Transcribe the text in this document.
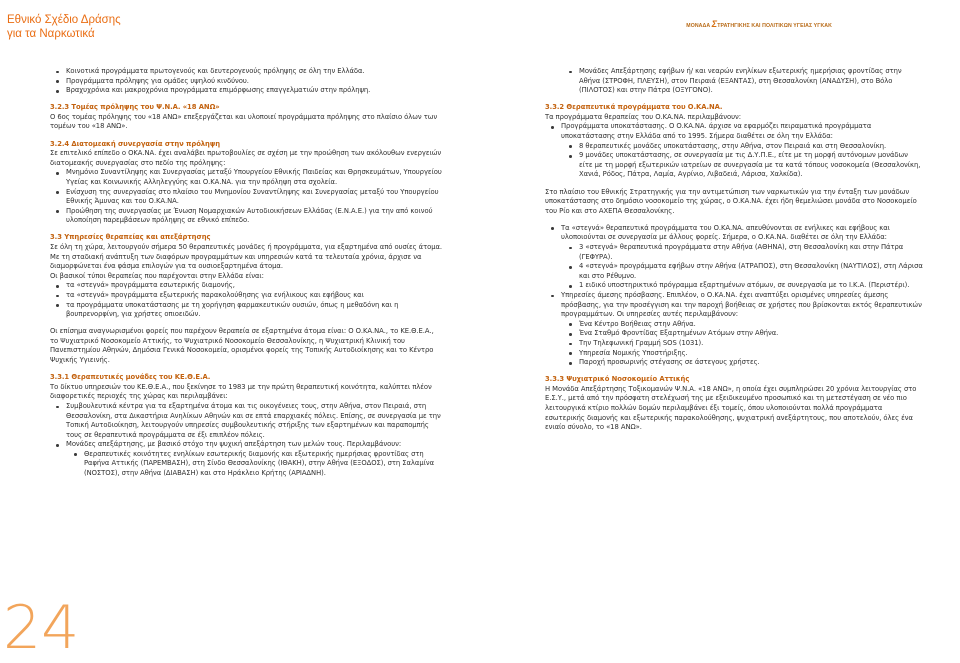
Εθνικό Σχέδιο Δράσης
για τα Ναρκωτικά
ΜΟΝΑΔΑ ΣΤΡΑΤΗΓΙΚΗΣ ΚΑΙ ΠΟΛΙΤΙΚΩΝ ΥΓΕΙΑΣ ΥΓΚΑΚ
Κοινοτικά προγράμματα πρωτογενούς και δευτερογενούς πρόληψης σε όλη την Ελλάδα.
Προγράμματα πρόληψης για ομάδες υψηλού κινδύνου.
Βραχυχρόνια και μακροχρόνια προγράμματα επιμόρφωσης επαγγελματιών στην πρόληψη.

3.2.3 Τομέας πρόληψης του Ψ.Ν.Α. «18 ΑΝΩ»

Ο 6ος τομέας πρόληψης του «18 ΑΝΩ» επεξεργάζεται και υλοποιεί προγράμματα πρόληψης στο πλαίσιο όλων των τομέων του «18 ΑΝΩ».

3.2.4 Διατομεακή συνεργασία στην πρόληψη

Σε επιτελικό επίπεδο ο ΟΚΑ.ΝΑ. έχει αναλάβει πρωτοβουλίες σε σχέση με την προώθηση των ακόλουθων ενεργειών διατομεακής συνεργασίας στο πεδίο της πρόληψης:

Μνημόνιο Συναντίληψης και Συνεργασίας μεταξύ Υπουργείου Εθνικής Παιδείας και Θρησκευμάτων, Υπουργείου Υγείας και Κοινωνικής Αλληλεγγύης και Ο.ΚΑ.ΝΑ. για την πρόληψη στα σχολεία.
Ενίσχυση της συνεργασίας στο πλαίσιο του Μνημονίου Συναντίληψης και Συνεργασίας μεταξύ του Υπουργείου Εθνικής Άμυνας και του Ο.ΚΑ.ΝΑ.
Προώθηση της συνεργασίας με Ένωση Νομαρχιακών Αυτοδιοικήσεων Ελλάδας (Ε.Ν.Α.Ε.) για την από κοινού υλοποίηση παρεμβάσεων πρόληψης σε εθνικό επίπεδο.

3.3 Υπηρεσίες θεραπείας και απεξάρτησης

Σε όλη τη χώρα, λειτουργούν σήμερα 50 θεραπευτικές μονάδες ή προγράμματα, για εξαρτημένα από ουσίες άτομα. Με τη σταδιακή ανάπτυξη των διαφόρων προγραμμάτων και υπηρεσιών κατά τα τελευταία χρόνια, άρχισε να διαμορφώνεται ένα φάσμα επιλογών για τα ουσιοεξαρτημένα άτομα.

Οι βασικοί τύποι θεραπείας που παρέχονται στην Ελλάδα είναι:

τα «στεγνά» προγράμματα εσωτερικής διαμονής,
τα «στεγνά» προγράμματα εξωτερικής παρακολούθησης για ενήλικους και εφήβους και
τα προγράμματα υποκατάστασης με τη χορήγηση φαρμακευτικών ουσιών, όπως η μεθαδόνη και η βουπρενορφίνη, για χρήστες οπιοειδών.

Οι επίσημα αναγνωρισμένοι φορείς που παρέχουν θεραπεία σε εξαρτημένα άτομα είναι: Ο Ο.ΚΑ.ΝΑ., το ΚΕ.Θ.Ε.Α., το Ψυχιατρικό Νοσοκομείο Αττικής, το Ψυχιατρικό Νοσοκομείο Θεσσαλονίκης, η Ψυχιατρική Κλινική του Πανεπιστημίου Αθηνών, Δημόσια Γενικά Νοσοκομεία, ορισμένοι φορείς της Τοπικής Αυτοδιοίκησης και το Κέντρο Ψυχικής Υγιεινής.

3.3.1 Θεραπευτικές μονάδες του ΚΕ.Θ.Ε.Α.

Το δίκτυο υπηρεσιών του ΚΕ.Θ.Ε.Α., που ξεκίνησε το 1983 με την πρώτη θεραπευτική κοινότητα, καλύπτει πλέον διαφορετικές περιοχές της χώρας και περιλαμβάνει:

Συμβουλευτικά κέντρα για τα εξαρτημένα άτομα και τις οικογένειες τους, στην Αθήνα, στον Πειραιά, στη Θεσσαλονίκη, στα Δικαστήρια Ανηλίκων Αθηνών και σε επτά επαρχιακές πόλεις. Επίσης, σε συνεργασία με την Τοπική Αυτοδιοίκηση, λειτουργούν υπηρεσίες συμβουλευτικής στήριξης των εξαρτημένων και παραπομπής τους σε θεραπευτικά προγράμματα σε έξι επιπλέον πόλεις.
Μονάδες απεξάρτησης, με βασικό στόχο την ψυχική απεξάρτηση των μελών τους. Περιλαμβάνουν:
Θεραπευτικές κοινότητες ενηλίκων εσωτερικής διαμονής και εξωτερικής ημερήσιας φροντίδας στη Ραφήνα Αττικής (ΠΑΡΕΜΒΑΣΗ), στη Σίνδο Θεσσαλονίκης (ΙΘΑΚΗ), στην Αθήνα (ΕΞΟΔΟΣ), στη Σαλαμίνα (ΝΟΣΤΟΣ), στην Αθήνα (ΔΙΑΒΑΣΗ) και στο Ηράκλειο Κρήτης (ΑΡΙΑΔΝΗ).
Μονάδες Απεξάρτησης εφήβων ή/ και νεαρών ενηλίκων εξωτερικής ημερήσιας φροντίδας στην Αθήνα (ΣΤΡΟΦΗ, ΠΛΕΥΣΗ), στον Πειραιά (ΕΞΑΝΤΑΣ), στη Θεσσαλονίκη (ΑΝΑΔΥΣΗ), στο Βόλο (ΠΙΛΟΤΟΣ) και στην Πάτρα (ΟΞΥΓΟΝΟ).

3.3.2 Θεραπευτικά προγράμματα του Ο.ΚΑ.ΝΑ.

Τα προγράμματα θεραπείας του Ο.ΚΑ.ΝΑ. περιλαμβάνουν:

Προγράμματα υποκατάστασης. Ο Ο.ΚΑ.ΝΑ. άρχισε να εφαρμόζει πειραματικά προγράμματα υποκατάστασης στην Ελλάδα από το 1995. Σήμερα διαθέτει σε όλη την Ελλάδα:
8 θεραπευτικές μονάδες υποκατάστασης, στην Αθήνα, στον Πειραιά και στη Θεσσαλονίκη.
9 μονάδες υποκατάστασης, σε συνεργασία με τις Δ.Υ.Π.Ε., είτε με τη μορφή αυτόνομων μονάδων είτε με τη μορφή εξωτερικών ιατρείων σε συνεργασία με τα κατά τόπους νοσοκομεία (Θεσσαλονίκη, Χανιά, Ρόδος, Πάτρα, Λαμία, Αγρίνιο, Λιβαδειά, Λάρισα, Χαλκίδα).

Στο πλαίσιο του Εθνικής Στρατηγικής για την αντιμετώπιση των ναρκωτικών για την ένταξη των μονάδων υποκατάστασης στο δημόσιο νοσοκομείο της χώρας, ο Ο.ΚΑ.ΝΑ. έχει ήδη θεμελιώσει μονάδα στο Νοσοκομείο του Ρίο και στο ΑΧΕΠΑ Θεσσαλονίκης.

Τα «στεγνά» θεραπευτικά προγράμματα του Ο.ΚΑ.ΝΑ. απευθύνονται σε ενήλικες και εφήβους και υλοποιούνται σε συνεργασία με άλλους φορείς. Σήμερα, ο Ο.ΚΑ.ΝΑ. διαθέτει σε όλη την Ελλάδα:
3 «στεγνά» θεραπευτικά προγράμματα στην Αθήνα (ΑΘΗΝΑ), στη Θεσσαλονίκη και στην Πάτρα (ΓΕΦΥΡΑ).
4 «στεγνά» προγράμματα εφήβων στην Αθήνα (ΑΤΡΑΠΟΣ), στη Θεσσαλονίκη (ΝΑΥΤΙΛΟΣ), στη Λάρισα και στο Ρέθυμνο.
1 ειδικό υποστηρικτικό πρόγραμμα εξαρτημένων ατόμων, σε συνεργασία με το Ι.Κ.Α. (Περιστέρι).
Υπηρεσίες άμεσης πρόσβασης. Επιπλέον, ο Ο.ΚΑ.ΝΑ. έχει αναπτύξει ορισμένες υπηρεσίες άμεσης πρόσβασης, για την προσέγγιση και την παροχή βοήθειας σε χρήστες που βρίσκονται εκτός θεραπευτικών προγραμμάτων. Οι υπηρεσίες αυτές περιλαμβάνουν:
Ένα Κέντρο Βοήθειας στην Αθήνα.
Ένα Σταθμό Φροντίδας Εξαρτημένων Ατόμων στην Αθήνα.
Την Τηλεφωνική Γραμμή SOS (1031).
Υπηρεσία Νομικής Υποστήριξης.
Παροχή προσωρινής στέγασης σε άστεγους χρήστες.

3.3.3 Ψυχιατρικό Νοσοκομείο Αττικής

Η Μονάδα Απεξάρτησης Τοξικομανών Ψ.Ν.Α. «18 ΑΝΩ», η οποία έχει συμπληρώσει 20 χρόνια λειτουργίας στο Ε.Σ.Υ., μετά από την πρόσφατη στελέχωσή της με εξειδικευμένο προσωπικό και τη μετεστέγαση σε νέο πιο λειτουργικά κτίριο πολλών δομών περιλαμβάνει έξι τομείς, όπου υλοποιούνται πολλά προγράμματα εσωτερικής διαμονής και εξωτερικής παρακολούθησης, ψυχιατρική ανεξάρτητους, που αποτελούν, όλες ένα ενιαίο σύνολο, το «18 ΑΝΩ».

24
